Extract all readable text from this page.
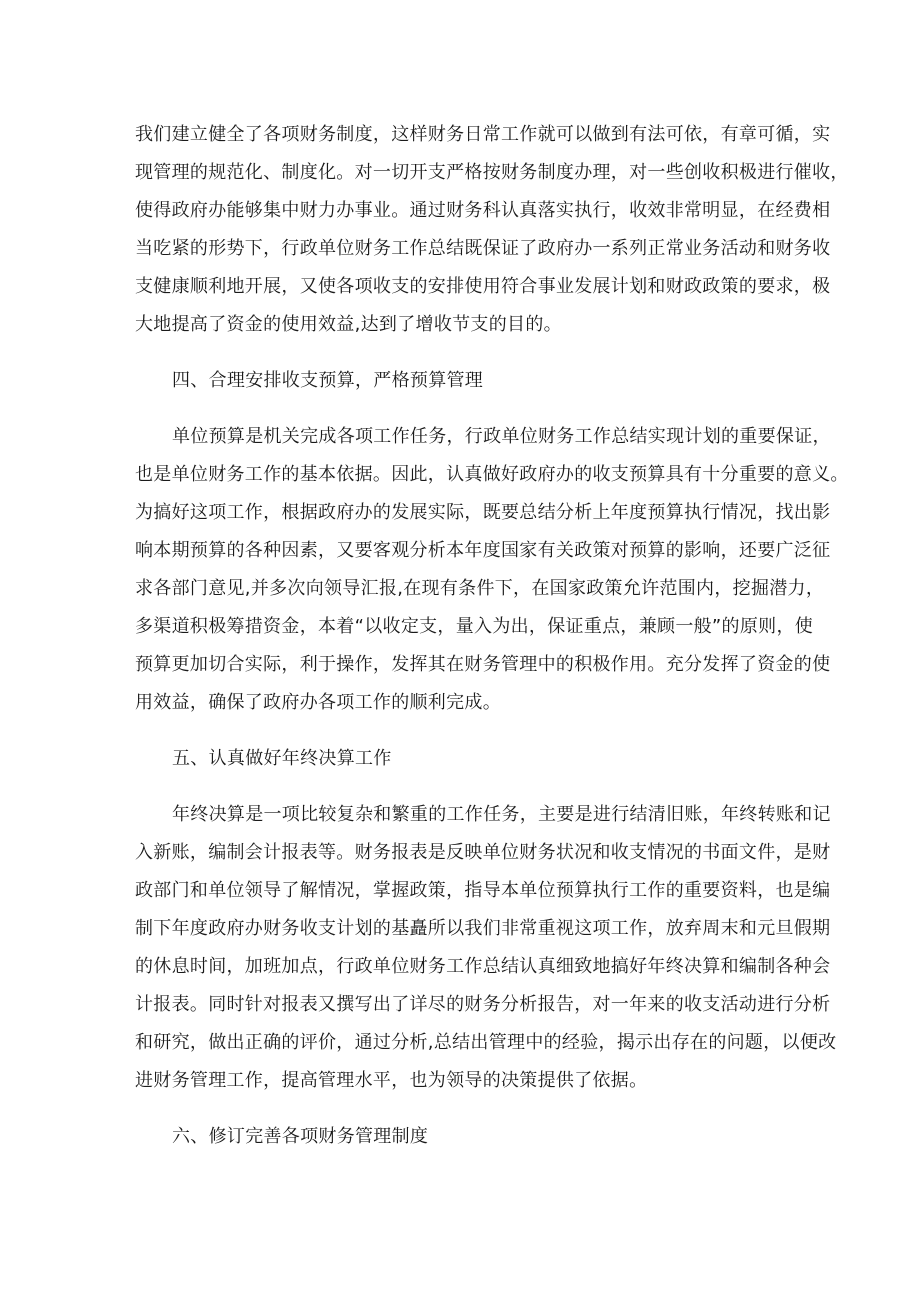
我们建立健全了各项财务制度，这样财务日常工作就可以做到有法可依，有章可循，实
现管理的规范化、制度化。对一切开支严格按财务制度办理，对一些创收积极进行催收，
使得政府办能够集中财力办事业。通过财务科认真落实执行，收效非常明显，在经费相
当吃紧的形势下，行政单位财务工作总结既保证了政府办一系列正常业务活动和财务收
支健康顺利地开展，又使各项收支的安排使用符合事业发展计划和财政政策的要求，极
大地提高了资金的使用效益,达到了增收节支的目的。
四、合理安排收支预算，严格预算管理
单位预算是机关完成各项工作任务，行政单位财务工作总结实现计划的重要保证，
也是单位财务工作的基本依据。因此，认真做好政府办的收支预算具有十分重要的意义。
为搞好这项工作，根据政府办的发展实际，既要总结分析上年度预算执行情况，找出影
响本期预算的各种因素，又要客观分析本年度国家有关政策对预算的影响，还要广泛征
求各部门意见,并多次向领导汇报,在现有条件下，在国家政策允许范围内，挖掘潜力，
多渠道积极筹措资金，本着“以收定支，量入为出，保证重点，兼顾一般”的原则，使
预算更加切合实际，利于操作，发挥其在财务管理中的积极作用。充分发挥了资金的使
用效益，确保了政府办各项工作的顺利完成。
五、认真做好年终决算工作
年终决算是一项比较复杂和繁重的工作任务，主要是进行结清旧账，年终转账和记
入新账，编制会计报表等。财务报表是反映单位财务状况和收支情况的书面文件，是财
政部门和单位领导了解情况，掌握政策，指导本单位预算执行工作的重要资料，也是编
制下年度政府办财务收支计划的基矗所以我们非常重视这项工作，放弃周末和元旦假期
的休息时间，加班加点，行政单位财务工作总结认真细致地搞好年终决算和编制各种会
计报表。同时针对报表又撰写出了详尽的财务分析报告，对一年来的收支活动进行分析
和研究，做出正确的评价，通过分析,总结出管理中的经验，揭示出存在的问题，以便改
进财务管理工作，提高管理水平，也为领导的决策提供了依据。
六、修订完善各项财务管理制度
